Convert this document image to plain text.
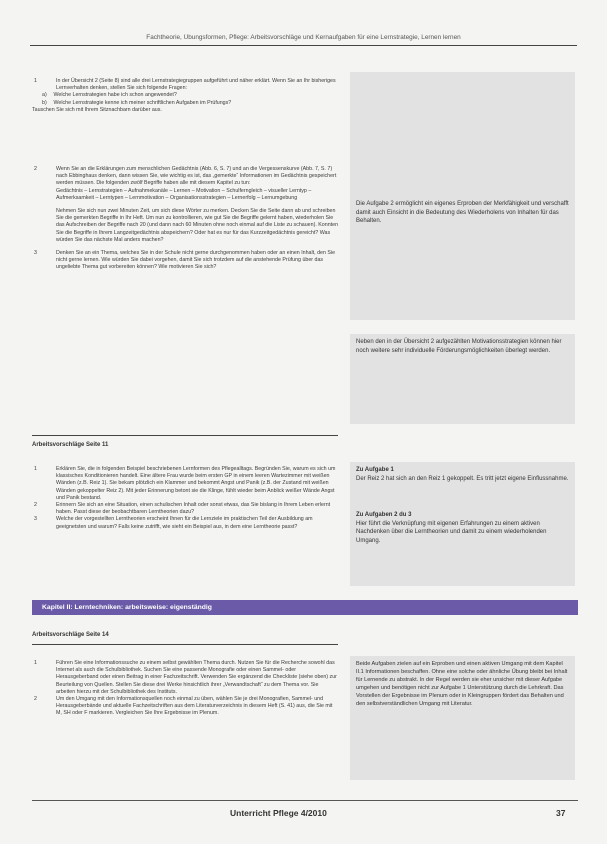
Fachtheorie, Übungsformen, Pflege: Arbeitsvorschläge und Kernaufgaben für eine Lernstrategie, Lernen lernen
1	In der Übersicht 2 (Seite 8) sind alle drei Lernstrategiegruppen aufgeführt und näher erklärt. Wenn Sie an Ihr bisheriges Lernverhalten denken, stellen Sie sich folgende Fragen:
a) Welche Lernstrategien habe ich schon angewendet?
b) Welche Lernstrategie kenne ich meiner schriftlichen Aufgaben im Prüfungs?

Tauschen Sie sich mit Ihrem Sitznachbarn darüber aus.

2	Wenn Sie an die Erklärungen zum menschlichen Gedächtnis (Abb. 6, S. 7) und an die Vergessenskurve (Abb. 7, S. 7) nach Ebbinghaus denken, dann wissen Sie, wie wichtig es ist, das „gemerkte“ Informationen im Gedächtnis gespeichert werden müssen. Die folgenden zwölf Begriffe haben alle mit diesem Kapitel zu tun:
Gedächtnis – Lernstrategien – Aufnahmekanäle – Lernen – Motivation – Schulferngleich – visueller Lerntyp – Aufmerksamkeit – Lerntypen – Lernmotivation – Organisationsstrategien – Lernerfolg – Lernumgebung
Nehmen Sie sich nun zwei Minuten Zeit, um sich diese Wörter zu merken. Decken Sie die Seite dann ab und schreiben Sie die gemerkten Begriffe in Ihr Heft. Um nun zu kontrollieren, wie gut Sie die Begriffe gelernt haben, wiederholen Sie das Aufschreiben der Begriffe nach 20 (und dann nach 60 Minuten ohne noch einmal auf die Liste zu schauen). Konnten Sie die Begriffe in Ihrem Langzeitgedächtnis abspeichern? Oder hat es nur für das Kurzzeitgedächtnis gereicht? Was würden Sie das nächste Mal anders machen?
3	Denken Sie an ein Thema, welches Sie in der Schule nicht gerne durchgenommen haben oder an einen Inhalt, den Sie nicht gerne lernen. Wie würden Sie dabei vorgehen, damit Sie sich trotzdem auf die anstehende Prüfung über das ungeliebte Thema gut vorbereiten können? Wie motivieren Sie sich?
Die Aufgabe 2 ermöglicht ein eigenes Erproben der Merkfähigkeit und verschafft damit auch Einsicht in die Bedeutung des Wiederholens von Inhalten für das Behalten.
Neben den in der Übersicht 2 aufgezählten Motivationsstrategien können hier noch weitere sehr individuelle Förderungsmöglichkeiten überlegt werden.
Arbeitsvorschläge Seite 11
1	Erklären Sie, die in folgenden Beispiel beschriebenen Lernformen des Pflegealltags. Begründen Sie, warum es sich um klassisches Konditionieren handelt. Eine ältere Frau wurde beim ersten GP in einem leeren Wartezimmer mit weißen Wänden (z.B. Reiz 1). Sie bekam plötzlich ein Klammer und bekommt Angst und Panik (z.B. der Zustand mit weißen Wänden gekoppelter Reiz 2). Mit jeder Erinnerung betont sie die Klinge, fühlt wieder beim Anblick weißer Wände Angst und Panik bestand.
2	Erinnern Sie sich an eine Situation, einen schulischen Inhalt oder sonst etwas, das Sie bislang in Ihrem Leben erlernt haben. Passt diese der beobachtbaren Lerntheorien dazu?
3	Welche der vorgestellten Lerntheorien erscheint Ihnen für die Lernziele im praktischen Teil der Ausbildung am geeignetsten und warum? Falls keine zutrifft, wie sieht ein Beispiel aus, in dem eine Lerntheorie passt?
Zu Aufgabe 1
Der Reiz 2 hat sich an den Reiz 1 gekoppelt. Es tritt jetzt eigene Einflussnahme.
Zu Aufgaben 2 du 3
Hier führt die Verknüpfung mit eigenen Erfahrungen zu einem aktiven Nachdenken über die Lerntheorien und damit zu einem wiederholenden Umgang.
Kapitel II: Lerntechniken: arbeitsweise: eigenständig
Arbeitsvorschläge Seite 14
1	Führen Sie eine Informationssuche zu einem selbst gewählten Thema durch. Nutzen Sie für die Recherche sowohl das Internet als auch die Schulbibliothek. Suchen Sie eine passende Monografie oder einen Sammel- oder Herausgeberband oder einen Beitrag in einer Fachzeitschrift. Verwenden Sie ergänzend die Checkliste (siehe oben) zur Beurteilung von Quellen. Stellen Sie diese drei Werke hinsichtlich ihrer „Verwandtschaft“ zu dem Thema vor. Sie arbeiten hierzu mit der Schulbibliothek des Instituts.
2	Um den Umgang mit den Informationsquellen noch einmal zu üben, wählen Sie je drei Monografien, Sammel- und Herausgeberbände und aktuelle Fachzeitschriften aus dem Literaturverzeichnis in diesem Heft (S. 41) aus, die Sie mit M, SH oder F markieren. Vergleichen Sie Ihre Ergebnisse im Plenum.
Beide Aufgaben zielen auf ein Erproben und einen aktiven Umgang mit dem Kapitel II.1 Informationen beschaffen. Ohne eine solche oder ähnliche Übung bleibt bei Inhalt für Lernende zu abstrakt. In der Regel werden sie eher unsicher mit dieser Aufgabe umgehen und benötigen nicht zur Aufgabe 1 Unterstützung durch die Lehrkraft. Das Vorstellen der Ergebnisse im Plenum oder in Kleingruppen fördert das Behalten und den selbstverständlichen Umgang mit Literatur.
Unterricht Pflege 4/2010	37
